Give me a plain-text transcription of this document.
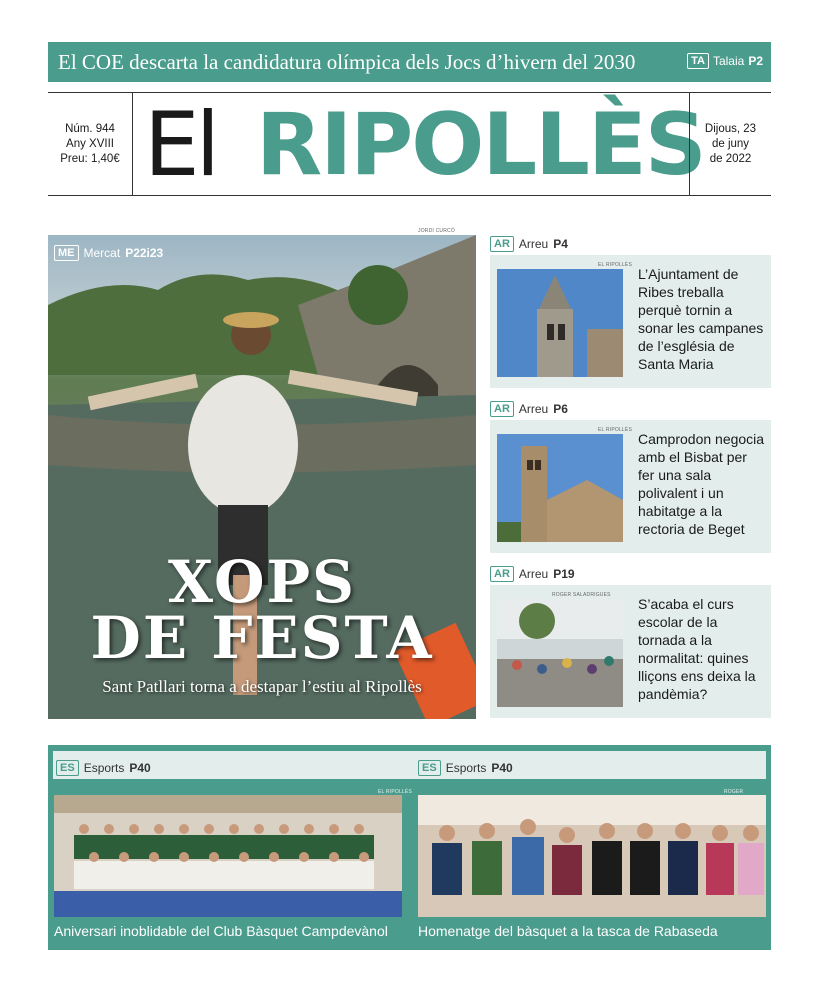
El COE descarta la candidatura olímpica dels Jocs d’hivern del 2030	TA Talaia P2
Núm. 944
Any XVIII
Preu: 1,40€ El RIPOLLÈS Dijous, 23
de juny
de 2022
JORDI CURCÓ
ME Mercat P22i23
XOPS
DE FESTA
Sant Patllari torna a destapar l’estiu al Ripollès
AR Arreu P4
EL RIPOLLÈS
L’Ajuntament de Ribes treballa perquè tornin a sonar les campanes de l’església de Santa Maria
AR Arreu P6
EL RIPOLLÈS
Camprodon negocia amb el Bisbat per fer una sala polivalent i un habitatge a la rectoria de Beget
AR Arreu P19
ROGER SALADRIGUES
S’acaba el curs escolar de la tornada a la normalitat: quines lliçons ens deixa la pandèmia?
ES Esports P40	ES Esports P40
EL RIPOLLÈS
Aniversari inoblidable del Club Bàsquet Campdevànol
ROGER
Homenatge del bàsquet a la tasca de Rabaseda
